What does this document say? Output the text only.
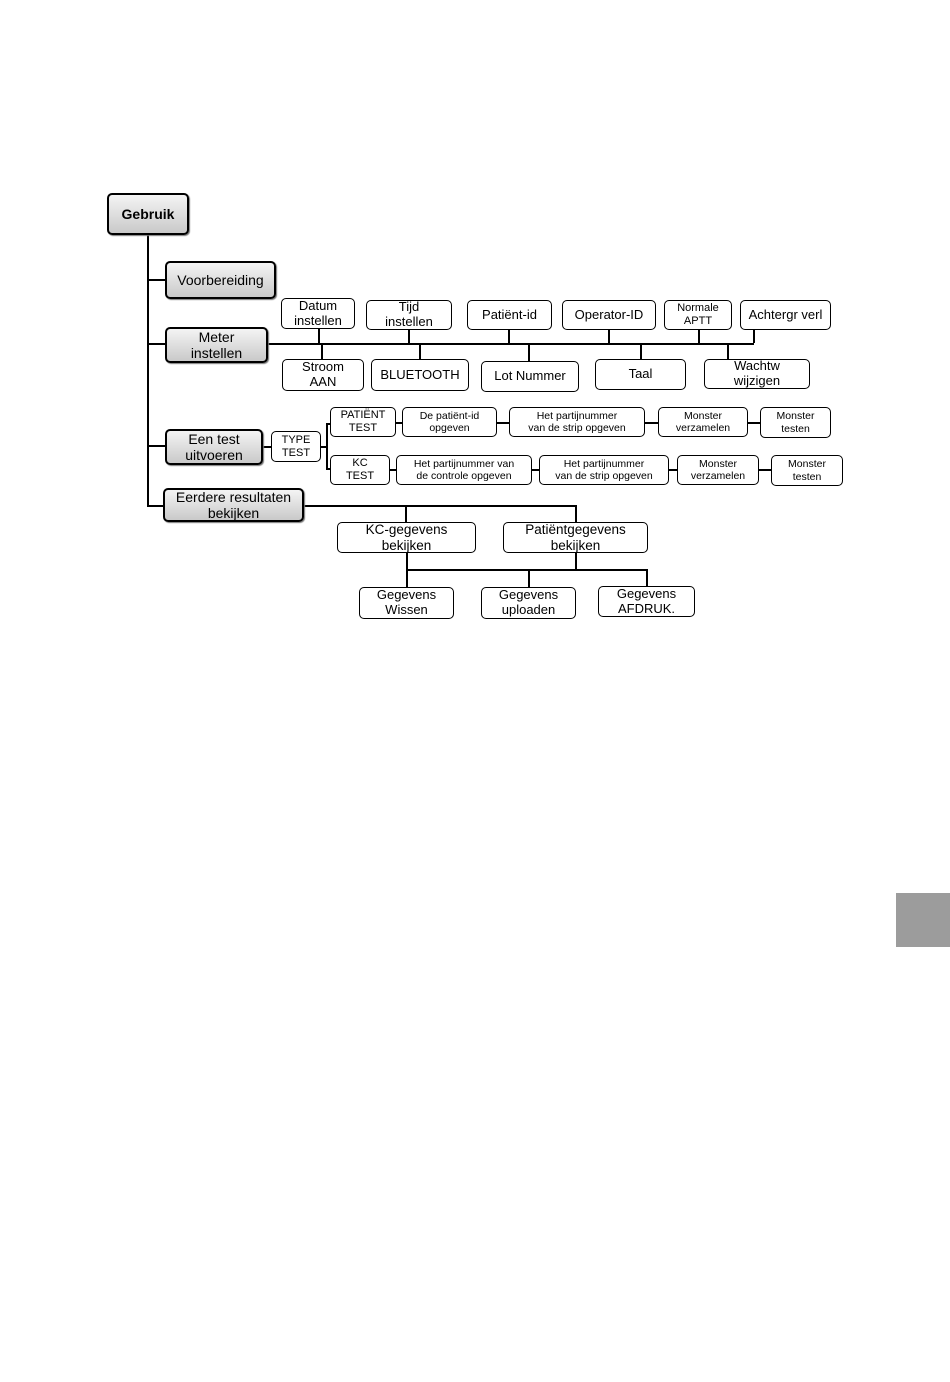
Gebruik
Voorbereiding
Meter
instellen
Een test
uitvoeren
Eerdere resultaten
bekijken
Datum
instellen
Tijd
instellen	Patiënt-id	Operator-ID	Normale
APTT	Achtergr verl
Stroom
AAN	BLUETOOTH	Lot Nummer	Taal
Wachtw
wijzigen
TYPE
TEST
PATIËNT
TEST
De patiënt-id
opgeven
Het partijnummer
van de strip opgeven
Monster
verzamelen
Monster
testen
KC
TEST
Het partijnummer van
de controle opgeven
Het partijnummer
van de strip opgeven
Monster
verzamelen
Monster
testen
KC-gegevens
bekijken
Patiëntgegevens
bekijken
Gegevens
Wissen
Gegevens
uploaden
Gegevens
AFDRUK.
